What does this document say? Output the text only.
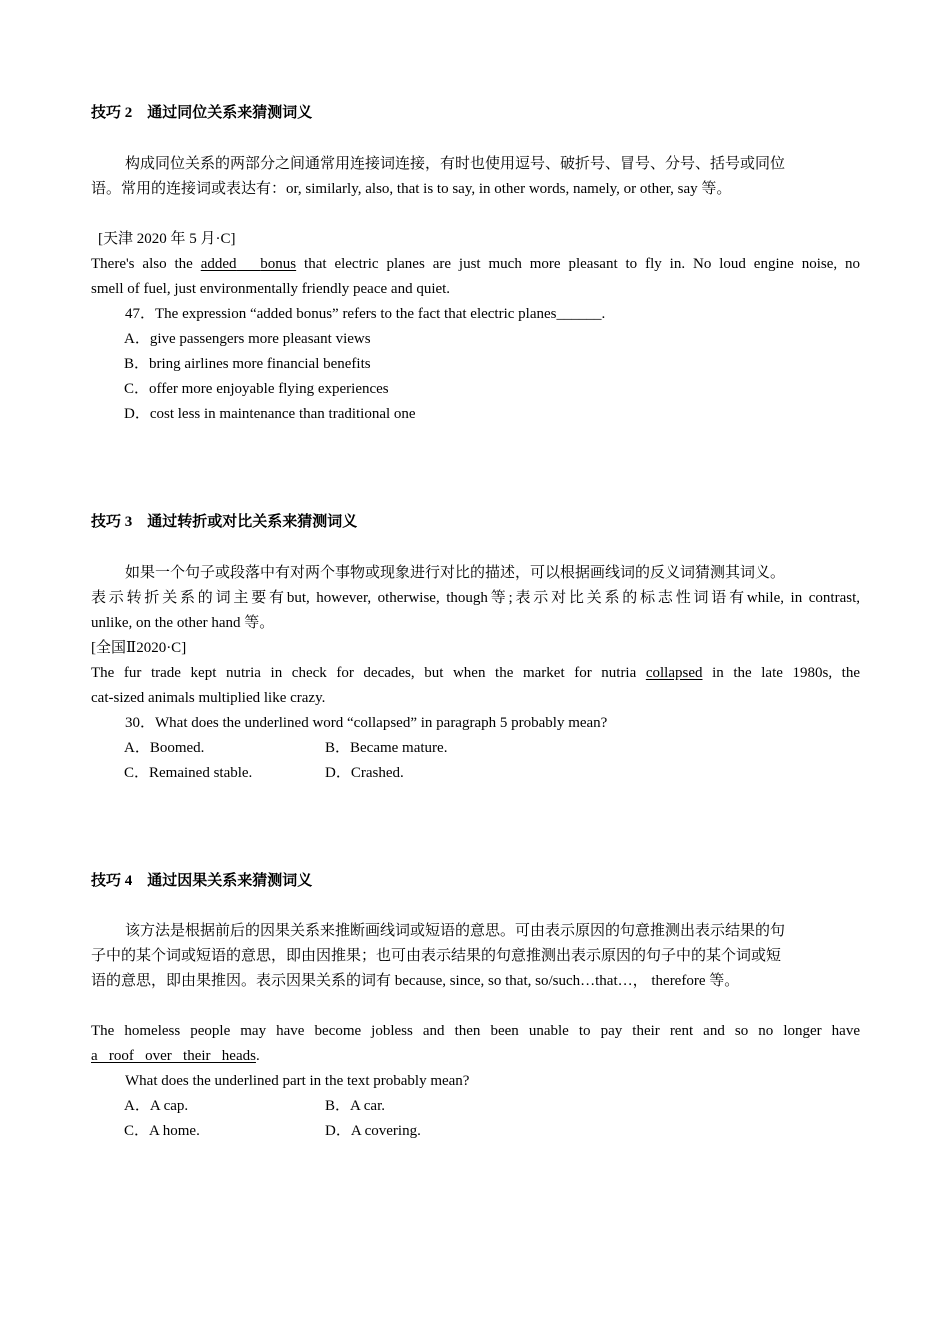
技巧 2　通过同位关系来猜测词义
构成同位关系的两部分之间通常用连接词连接，有时也使用逗号、破折号、冒号、分号、括号或同位
语。常用的连接词或表达有：or, similarly, also, that is to say, in other words, namely, or other, say 等。
[天津 2020 年 5 月·C]
There's also the added bonus that electric planes are just much more pleasant to fly in. No loud engine noise, no
smell of fuel, just environmentally friendly peace and quiet.
47．The expression “added bonus” refers to the fact that electric planes______.
A．give passengers more pleasant views
B．bring airlines more financial benefits
C．offer more enjoyable flying experiences
D．cost less in maintenance than traditional one
技巧 3　通过转折或对比关系来猜测词义
如果一个句子或段落中有对两个事物或现象进行对比的描述，可以根据画线词的反义词猜测其词义。
表示转折关系的词主要有but, however, otherwise, though等;表示对比关系的标志性词语有while, in contrast,
unlike, on the other hand 等。
[全国Ⅱ2020·C]
The fur trade kept nutria in check for decades, but when the market for nutria collapsed in the late 1980s, the
cat-sized animals multiplied like crazy.
30．What does the underlined word “collapsed” in paragraph 5 probably mean?
A．Boomed.	B．Became mature.
C．Remained stable.	D．Crashed.
技巧 4　通过因果关系来猜测词义
该方法是根据前后的因果关系来推断画线词或短语的意思。可由表示原因的句意推测出表示结果的句
子中的某个词或短语的意思，即由因推果；也可由表示结果的句意推测出表示原因的句子中的某个词或短
语的意思，即由果推因。表示因果关系的词有 because, since, so that, so/such…that…， therefore 等。
The homeless people may have become jobless and then been unable to pay their rent and so no longer have
a   roof   over   their   heads.
What does the underlined part in the text probably mean?
A．A cap.	B．A car.
C．A home.	D．A covering.
